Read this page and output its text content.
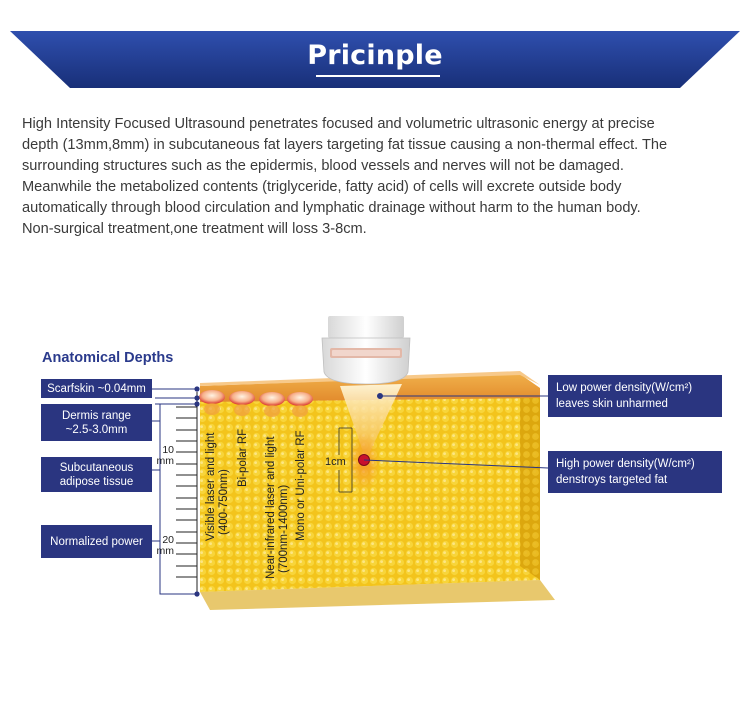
Pricinple

High Intensity Focused Ultrasound penetrates focused and volumetric ultrasonic energy at precise

depth (13mm,8mm) in subcutaneous fat layers targeting fat tissue causing a non-thermal effect. The

surrounding structures such as the epidermis, blood vessels and nerves will not be damaged.

Meanwhile the metabolized contents (triglyceride, fatty acid) of cells will excrete outside body

automatically through blood circulation and lymphatic drainage without harm to the human body.

Non-surgical treatment,one treatment will loss 3-8cm.

Anatomical Depths
Scarfskin ~0.04mm
Dermis range
~2.5-3.0mm
Subcutaneous
adipose tissue
Normalized power
10
mm
20
mm
Visible laser and light (400-750nm)
Bi-polar RF Near-infrared laser and light (700nm-1400nm) Mono or Uni-polar RF 1cm
Low power density(W/cm²)
leaves skin unharmed
High power density(W/cm²)
denstroys targeted fat
